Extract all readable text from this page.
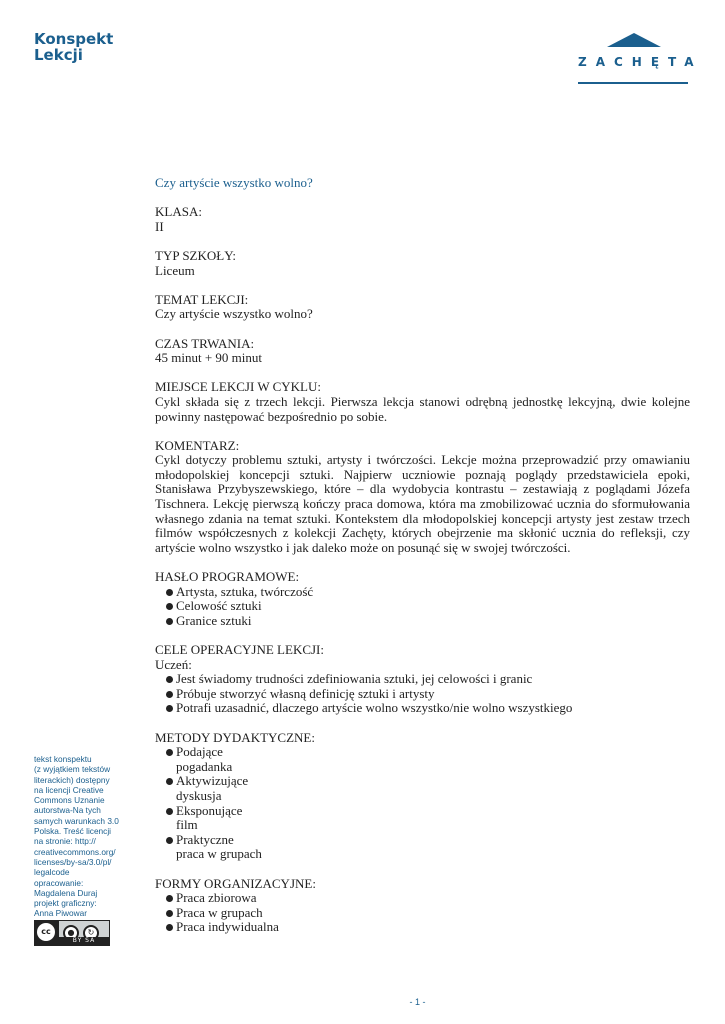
Konspekt
Lekcji	ZACHĘTA
Czy artyście wszystko wolno?
KLASA:
II
TYP SZKOŁY:
Liceum
TEMAT LEKCJI:
Czy artyście wszystko wolno?
CZAS TRWANIA:
45 minut + 90 minut
MIEJSCE LEKCJI W CYKLU:
Cykl składa się z trzech lekcji. Pierwsza lekcja stanowi odrębną jednostkę lekcyjną, dwie kolejne powinny następować bezpośrednio po sobie.
KOMENTARZ:
Cykl dotyczy problemu sztuki, artysty i twórczości. Lekcje można przeprowadzić przy omawianiu młodopolskiej koncepcji sztuki. Najpierw uczniowie poznają poglądy przedstawiciela epoki, Stanisława Przybyszewskiego, które – dla wydobycia kontrastu – zestawiają z poglądami Józefa Tischnera. Lekcję pierwszą kończy praca domowa, która ma zmobilizować ucznia do sformułowania własnego zdania na temat sztuki. Kontekstem dla młodopolskiej koncepcji artysty jest zestaw trzech filmów współczesnych z kolekcji Zachęty, których obejrzenie ma skłonić ucznia do refleksji, czy artyście wolno wszystko i jak daleko może on posunąć się w swojej twórczości.
HASŁO PROGRAMOWE:
Artysta, sztuka, twórczość
Celowość sztuki
Granice sztuki
CELE OPERACYJNE LEKCJI:
Uczeń:
Jest świadomy trudności zdefiniowania sztuki, jej celowości i granic
Próbuje stworzyć własną definicję sztuki i artysty
Potrafi uzasadnić, dlaczego artyście wolno wszystko/nie wolno wszystkiego
METODY DYDAKTYCZNE:
Podające
pogadanka
Aktywizujące
dyskusja
Eksponujące
film
Praktyczne
praca w grupach
FORMY ORGANIZACYJNE:
Praca zbiorowa
Praca w grupach
Praca indywidualna
tekst konspektu
(z wyjątkiem tekstów
literackich) dostępny
na licencji Creative
Commons Uznanie
autorstwa-Na tych
samych warunkach 3.0
Polska. Treść licencji
na stronie: http://
creativecommons.org/
licenses/by-sa/3.0/pl/
legalcode
opracowanie:
Magdalena Duraj
projekt graficzny:
Anna Piwowar
cc	● ↻
BY SA
- 1 -
